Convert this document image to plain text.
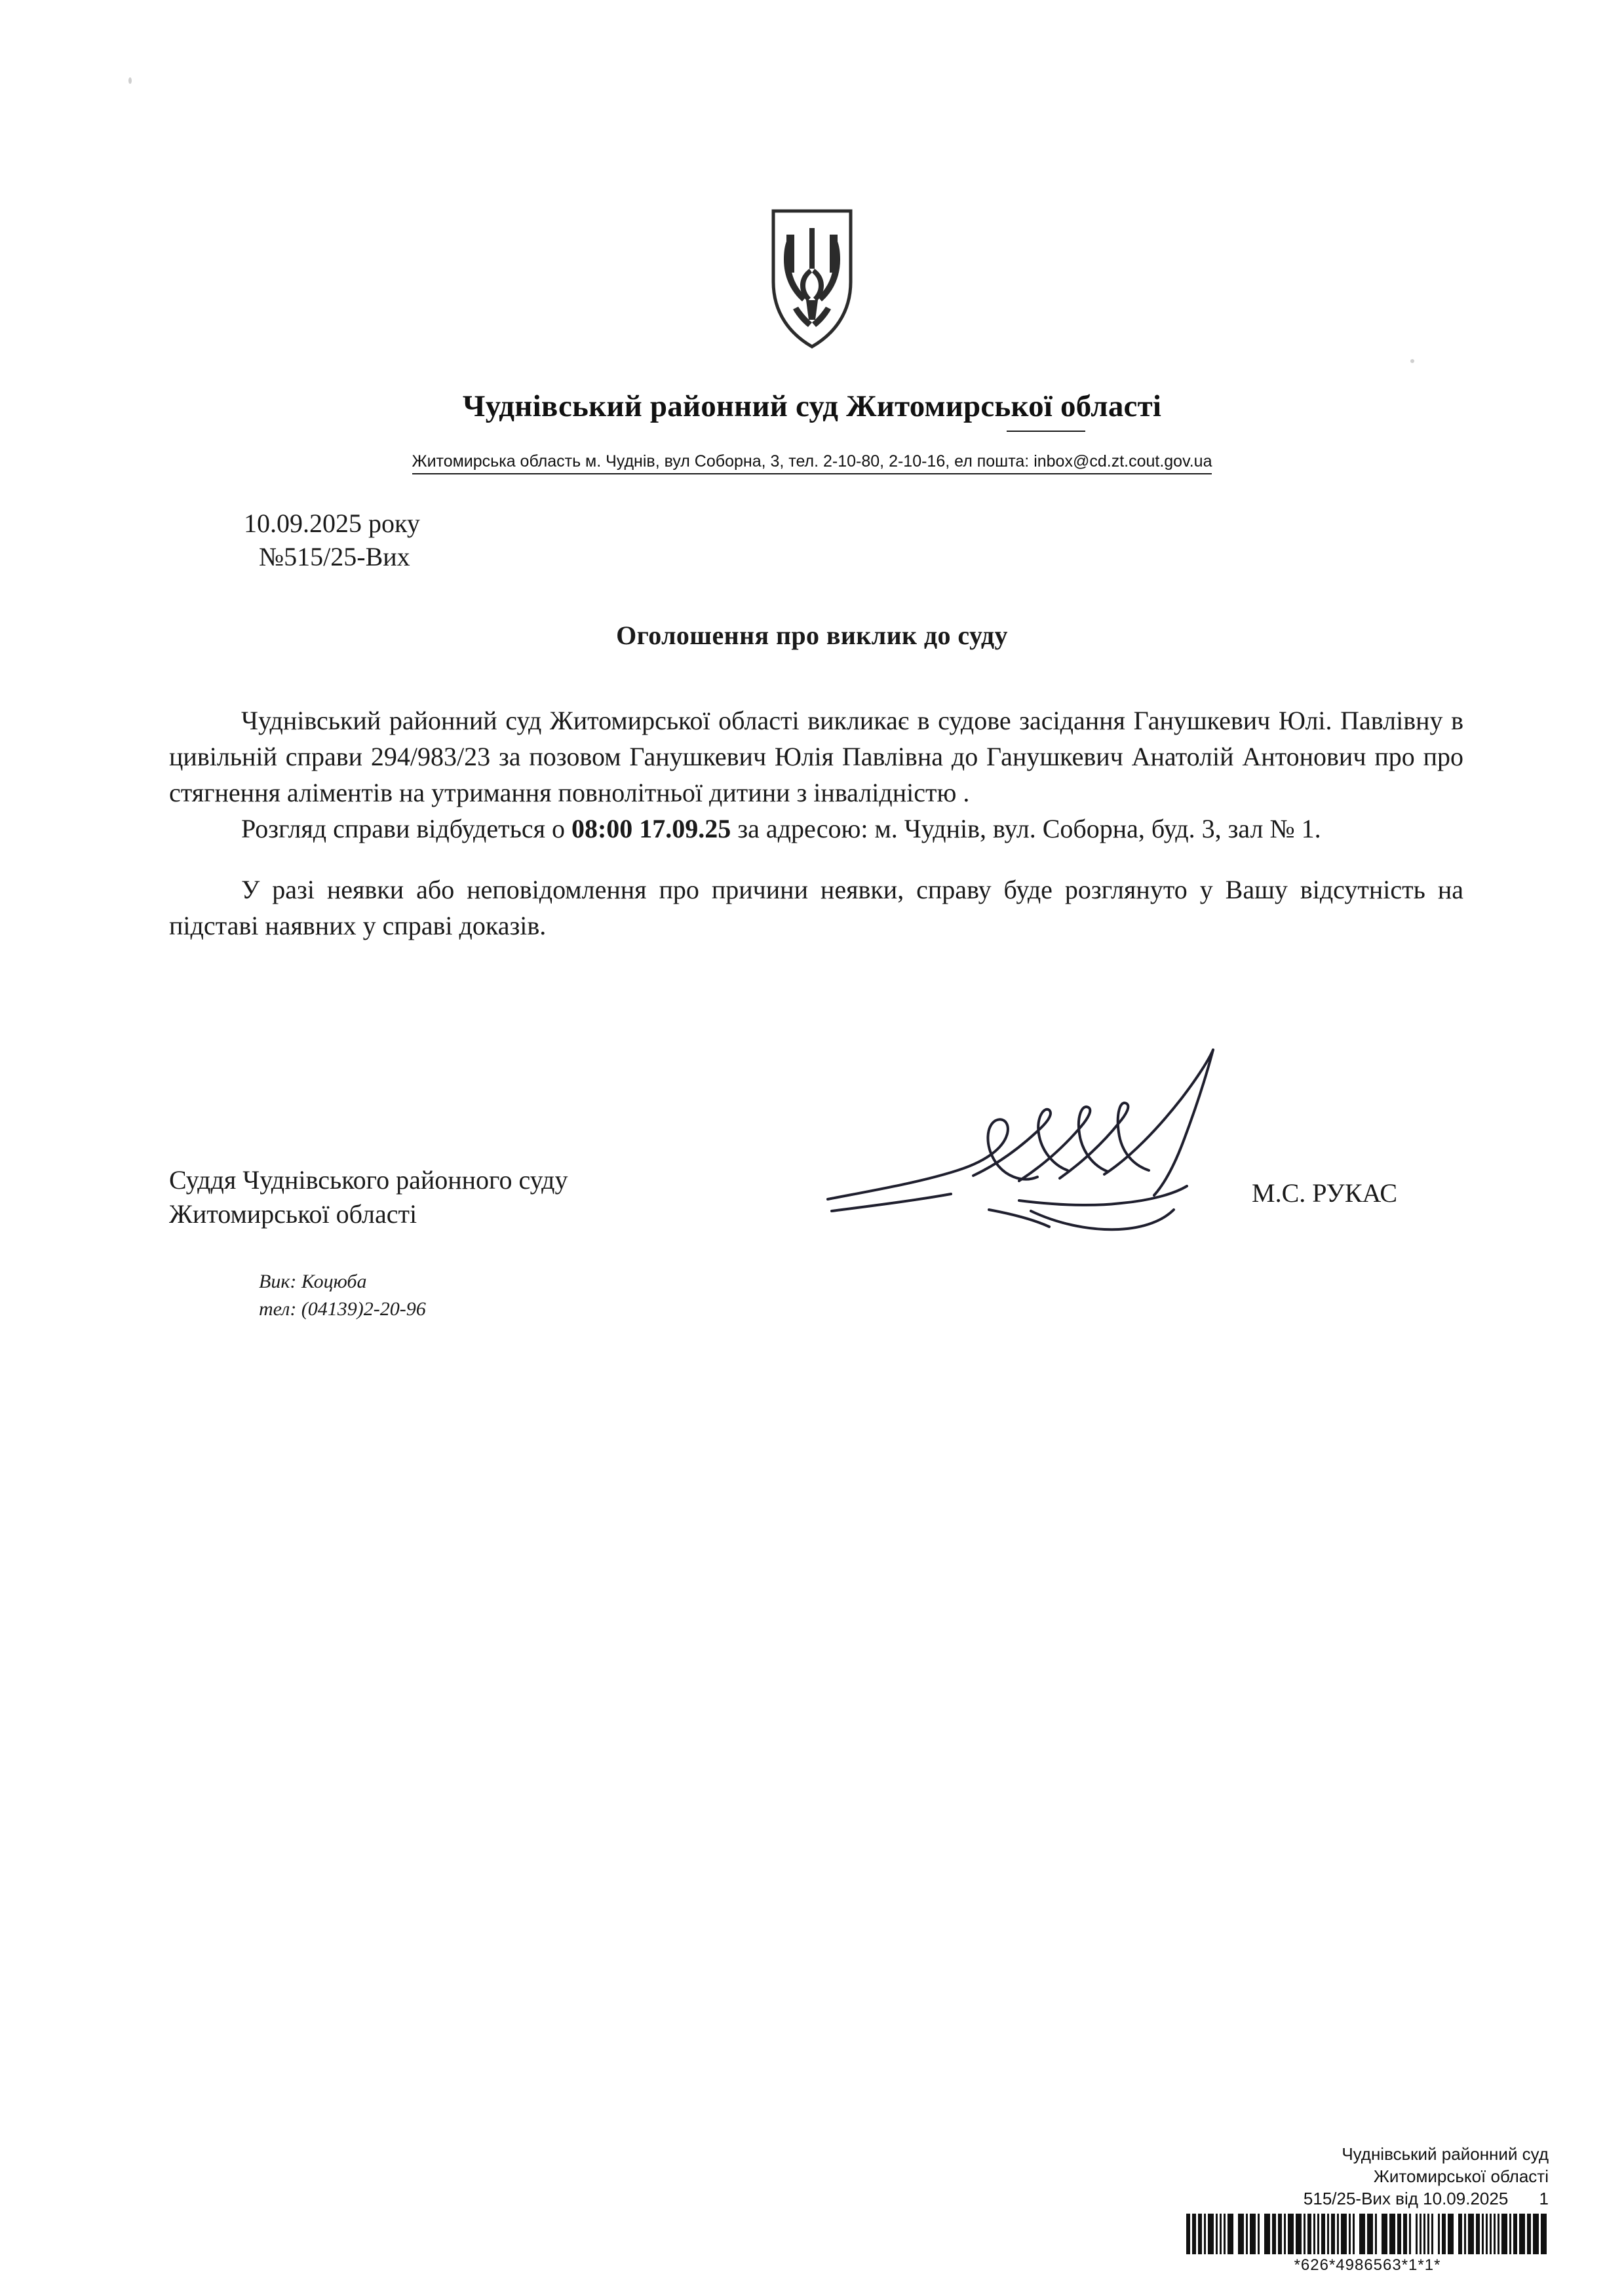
Чуднівський районний суд Житомирської області
Житомирська область м. Чуднів, вул Соборна, 3, тел. 2-10-80, 2-10-16, ел пошта: inbox@cd.zt.cout.gov.ua
10.09.2025 року
№515/25-Вих
Оголошення про виклик до суду

Чуднівський районний суд Житомирської області викликає в судове засідання Ганушкевич Юлі. Павлівну в цивільній справи 294/983/23 за позовом Ганушкевич Юлія Павлівна до Ганушкевич Анатолій Антонович про про стягнення аліментів на утримання повнолітньої дитини з інвалідністю .

Розгляд справи відбудеться о 08:00 17.09.25 за адресою: м. Чуднів, вул. Соборна, буд. 3, зал № 1.

У разі неявки або неповідомлення про причини неявки, справу буде розглянуто у Вашу відсутність на підставі наявних у справі доказів.

Суддя Чуднівського районного суду
Житомирської області
М.С. РУКАС
Вик: Коцюба
тел: (04139)2-20-96
Чуднівський районний суд
Житомирської області
515/25-Вих від 10.09.2025 1
*626*4986563*1*1*
